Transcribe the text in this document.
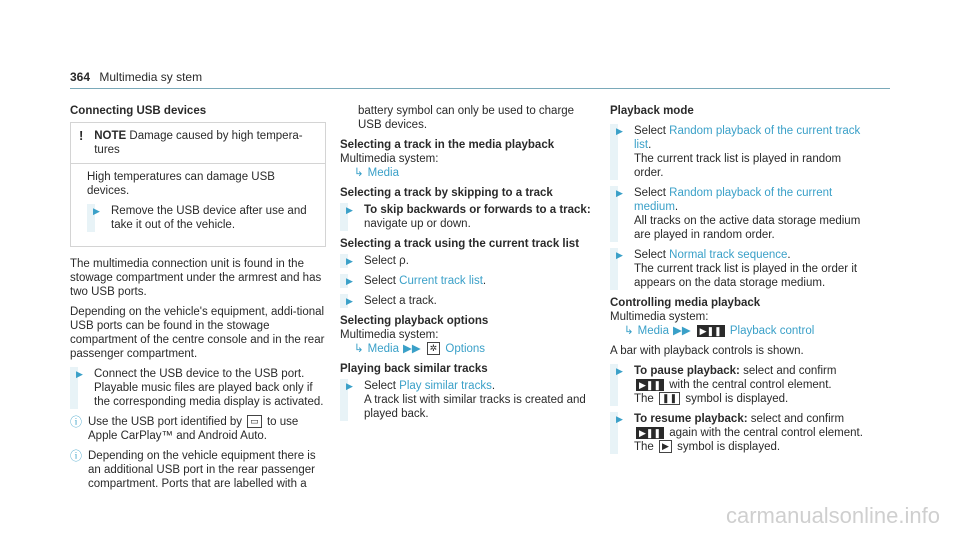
364 Multimedia sy stem
Connecting USB devices
! NOTE Damage caused by high tempera-tures

High temperatures can damage USB devices.

▶ Remove the USB device after use and take it out of the vehicle.

The multimedia connection unit is found in the stowage compartment under the armrest and has two USB ports.

Depending on the vehicle's equipment, addi-tional USB ports can be found in the stowage compartment of the centre console and in the rear passenger compartment.

▶ Connect the USB device to the USB port. Playable music files are played back only if the corresponding media display is activated.
ⓘ Use the USB port identified by ▭ to use Apple CarPlay™ and Android Auto.
ⓘ Depending on the vehicle equipment there is an additional USB port in the rear passenger compartment. Ports that are labelled with a

battery symbol can only be used to charge USB devices.

Selecting a track in the media playback
Multimedia system:
↳ Media
Selecting a track by skipping to a track
▶ To skip backwards or forwards to a track: navigate up or down.
Selecting a track using the current track list
▶ Select ρ.
▶ Select Current track list.
▶ Select a track.
Selecting playback options
Multimedia system:
↳ Media ▶▶ ✲ Options
Playing back similar tracks
▶ Select Play similar tracks.
A track list with similar tracks is created and played back.
Playback mode
▶ Select Random playback of the current track list.
The current track list is played in random order.
▶ Select Random playback of the current medium.
All tracks on the active data storage medium are played in random order.
▶ Select Normal track sequence.
The current track list is played in the order it appears on the data storage medium.
Controlling media playback
Multimedia system:
↳ Media ▶▶ ▶❚❚ Playback control

A bar with playback controls is shown.

▶ To pause playback: select and confirm
▶❚❚ with the central control element.
The ❚❚ symbol is displayed.
▶ To resume playback: select and confirm
▶❚❚ again with the central control element.
The ▶ symbol is displayed.
carmanualsonline.info
